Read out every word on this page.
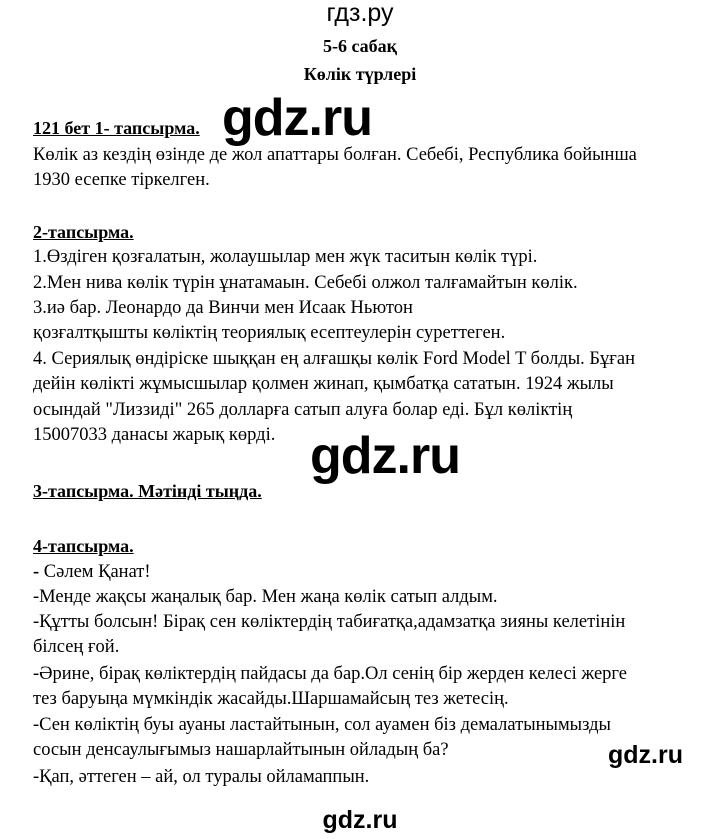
гдз.ру
5-6 сабақ
Көлік түрлері
121 бет 1- тапсырма. gdz.ru
Көлік аз кездің өзінде де жол апаттары болған. Себебі, Республика бойынша
1930 есепке тіркелген.
2-тапсырма.
1.Өздіген қозғалатын, жолаушылар мен жүк таситын көлік түрі.
2.Мен нива көлік түрін ұнатамаын. Себебі олжол талғамайтын көлік.
3.иә бар. Леонардо да Винчи мен Исаак Ньютон
қозғалтқышты көліктің теориялық есептеулерін суреттеген.
4. Сериялық өндіріске шыққан ең алғашқы көлік Ford Model T болды. Бұған
дейін көлікті жұмысшылар қолмен жинап, қымбатқа сататын. 1924 жылы
осындай "Лиззиді" 265 долларға сатып алуға болар еді. Бұл көліктің
15007033 данасы жарық көрді. gdz.ru
3-тапсырма. Мәтінді тыңда.
4-тапсырма.
- Сәлем Қанат!
-Менде жақсы жаңалық бар. Мен жаңа көлік сатып алдым.
-Құтты болсын! Бірақ сен көліктердің табиғатқа,адамзатқа зияны келетінін
білсең ғой.
-Әрине, бірақ көліктердің пайдасы да бар.Ол сенің бір жерден келесі жерге
тез баруыңа мүмкіндік жасайды.Шаршамайсың тез жетесің.
-Сен көліктің буы ауаны ластайтынын, сол ауамен біз демалатынымызды
сосын денсаулығымыз нашарлайтынын ойладың ба?	gdz.ru
-Қап, әттеген – ай, ол туралы ойламаппын.
gdz.ru
